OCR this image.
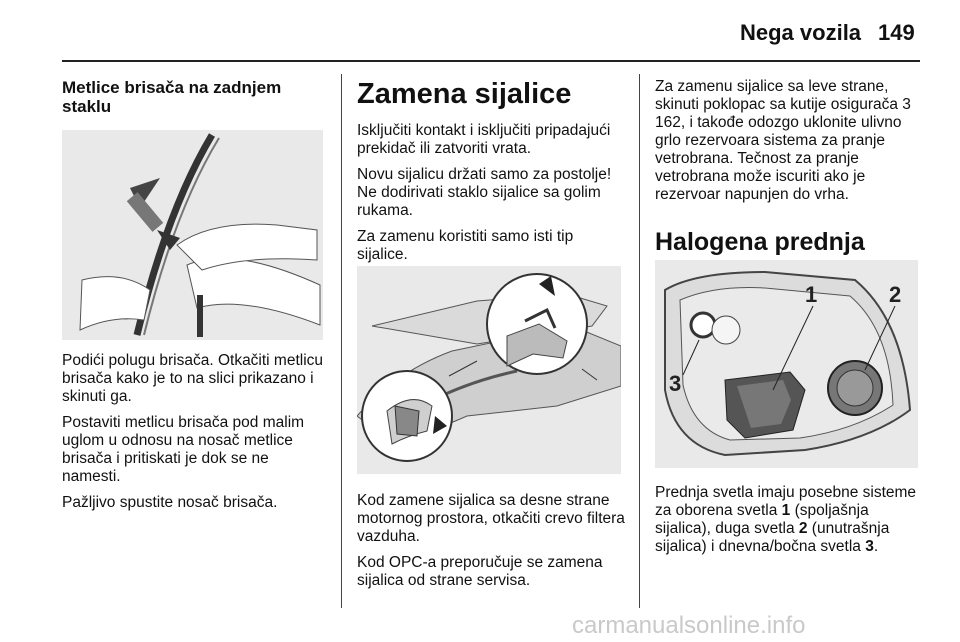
Nega vozila 149
Metlice brisača na zadnjem staklu

Podići polugu brisača. Otkačiti metlicu brisača kako je to na slici prikazano i skinuti ga.

Postaviti metlicu brisača pod malim uglom u odnosu na nosač metlice brisača i pritiskati je dok se ne namesti.

Pažljivo spustite nosač brisača.

Zamena sijalice

Isključiti kontakt i isključiti pripadajući prekidač ili zatvoriti vrata.

Novu sijalicu držati samo za postolje! Ne dodirivati staklo sijalice sa golim rukama.

Za zamenu koristiti samo isti tip sijalice.

Kod zamene sijalica sa desne strane motornog prostora, otkačiti crevo filtera vazduha.

Kod OPC-a preporučuje se zamena sijalica od strane servisa.

Za zamenu sijalice sa leve strane, skinuti poklopac sa kutije osigurača 3 162, i takođe odozgo uklonite ulivno grlo rezervoara sistema za pranje vetrobrana. Tečnost za pranje vetrobrana može iscuriti ako je rezervoar napunjen do vrha.

Halogena prednja
1	2
3

Prednja svetla imaju posebne sisteme za oborena svetla 1 (spoljašnja sijalica), duga svetla 2 (unutrašnja sijalica) i dnevna/bočna svetla 3.

carmanualsonline.info
